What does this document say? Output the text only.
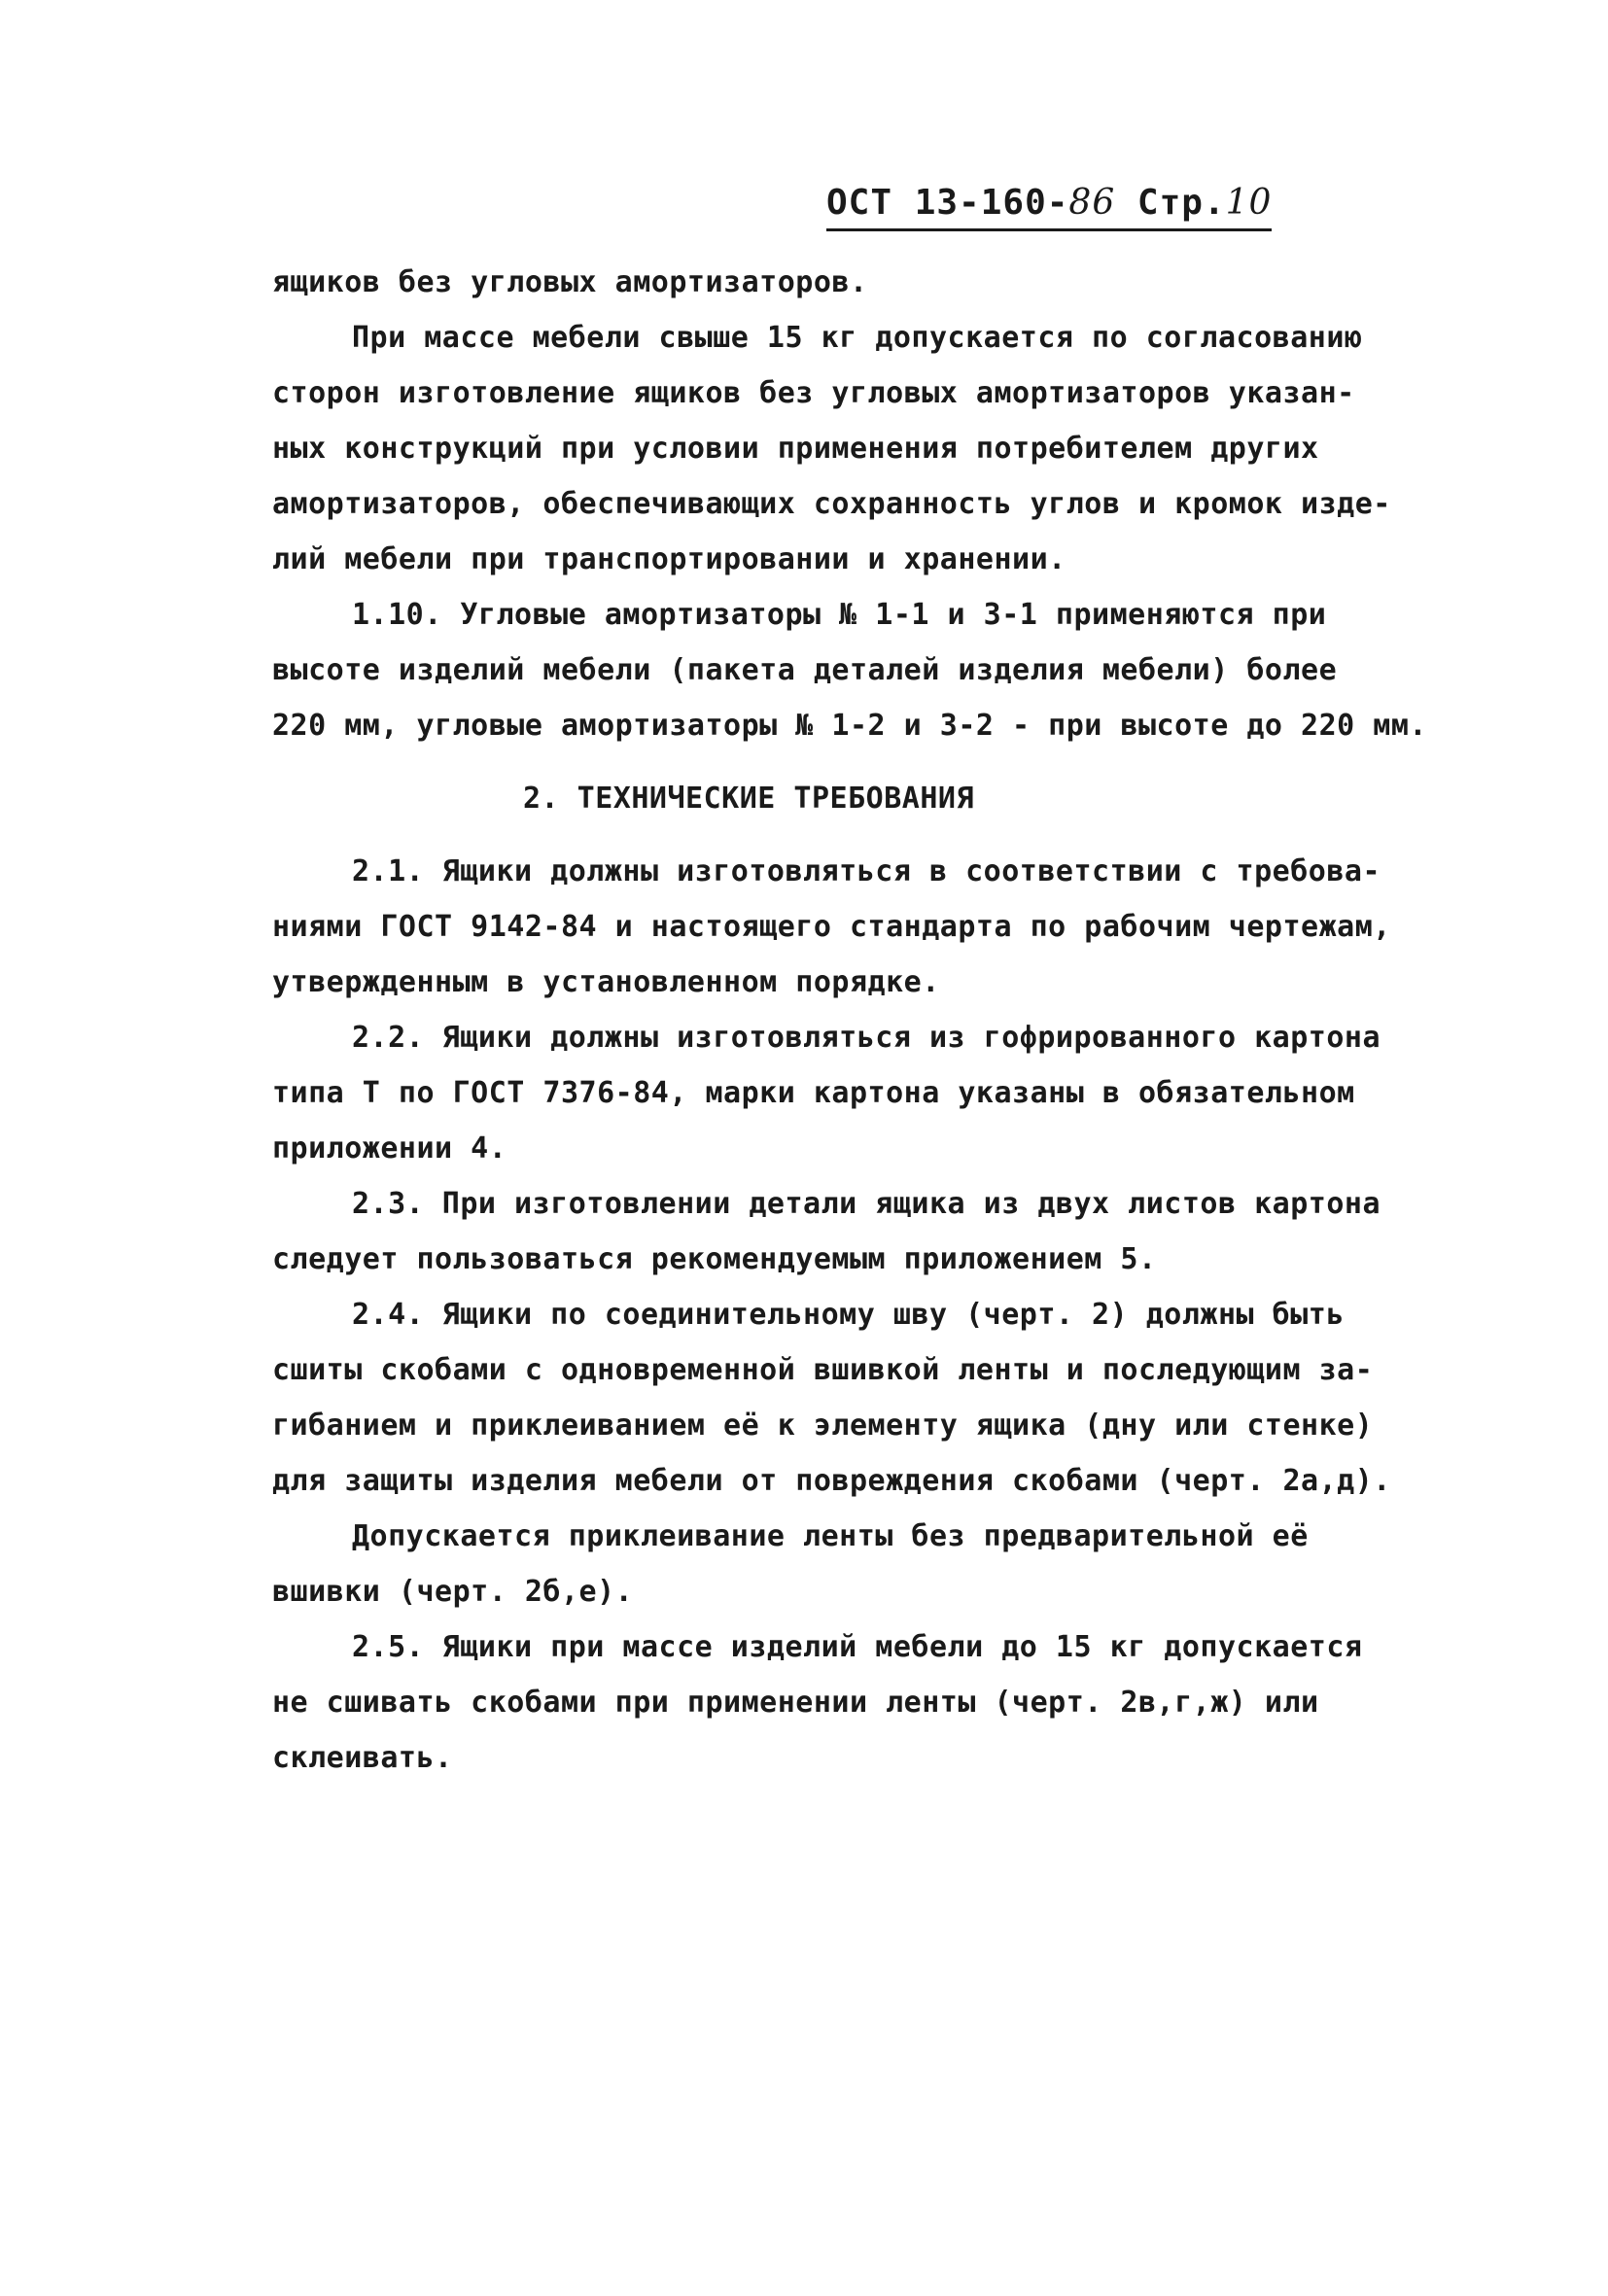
ОСТ 13-160-86 Стр.10
ящиков без угловых амортизаторов.
При массе мебели свыше 15 кг допускается по согласованию
сторон изготовление ящиков без угловых амортизаторов указан-
ных конструкций при условии применения потребителем других
амортизаторов, обеспечивающих сохранность углов и кромок изде-
лий мебели при транспортировании и хранении.
1.10. Угловые амортизаторы № 1-1 и 3-1 применяются при
высоте изделий мебели (пакета деталей изделия мебели) более
220 мм, угловые амортизаторы № 1-2 и 3-2 - при высоте до 220 мм.
2. ТЕХНИЧЕСКИЕ ТРЕБОВАНИЯ
2.1. Ящики должны изготовляться в соответствии с требова-
ниями ГОСТ 9142-84 и настоящего стандарта по рабочим чертежам,
утвержденным в установленном порядке.
2.2. Ящики должны изготовляться из гофрированного картона
типа Т по ГОСТ 7376-84, марки картона указаны в обязательном
приложении 4.
2.3. При изготовлении детали ящика из двух листов картона
следует пользоваться рекомендуемым приложением 5.
2.4. Ящики по соединительному шву (черт. 2) должны быть
сшиты скобами с одновременной вшивкой ленты и последующим за-
гибанием и приклеиванием её к элементу ящика (дну или стенке)
для защиты изделия мебели от повреждения скобами (черт. 2а,д).
Допускается приклеивание ленты без предварительной её
вшивки (черт. 2б,е).
2.5. Ящики при массе изделий мебели до 15 кг допускается
не сшивать скобами при применении ленты (черт. 2в,г,ж) или
склеивать.
